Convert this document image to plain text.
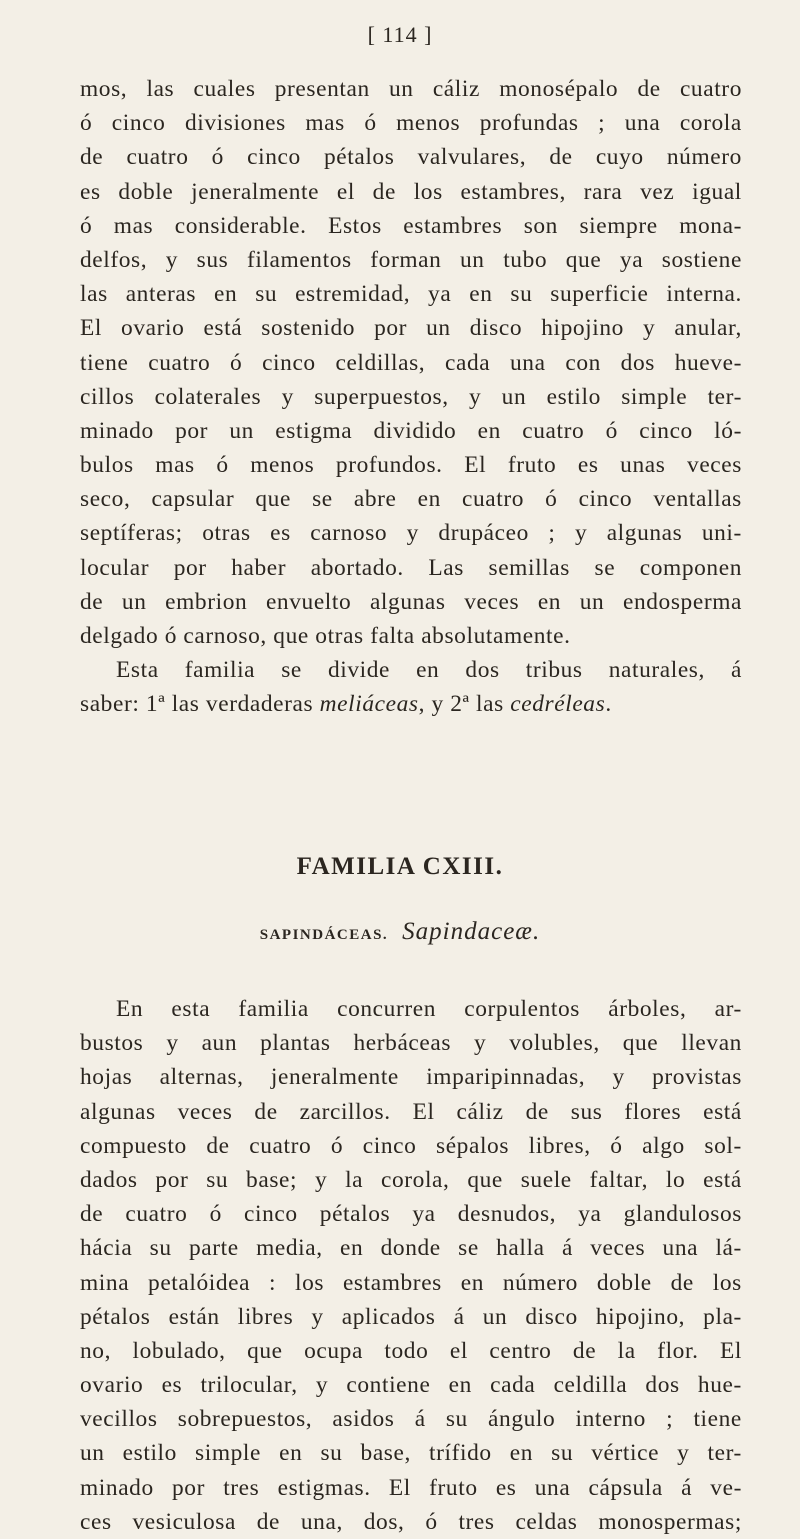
[ 114 ]
mos, las cuales presentan un cáliz monosépalo de cuatro
ó cinco divisiones mas ó menos profundas ; una corola
de cuatro ó cinco pétalos valvulares, de cuyo número
es doble jeneralmente el de los estambres, rara vez igual
ó mas considerable. Estos estambres son siempre mona-
delfos, y sus filamentos forman un tubo que ya sostiene
las anteras en su estremidad, ya en su superficie interna.
El ovario está sostenido por un disco hipojino y anular,
tiene cuatro ó cinco celdillas, cada una con dos hueve-
cillos colaterales y superpuestos, y un estilo simple ter-
minado por un estigma dividido en cuatro ó cinco ló-
bulos mas ó menos profundos. El fruto es unas veces
seco, capsular que se abre en cuatro ó cinco ventallas
septíferas; otras es carnoso y drupáceo ; y algunas uni-
locular por haber abortado. Las semillas se componen
de un embrion envuelto algunas veces en un endosperma
delgado ó carnoso, que otras falta absolutamente.
Esta familia se divide en dos tribus naturales, á
saber: 1ª las verdaderas
meliáceas , y 2ª las
cedréleas .
FAMILIA CXIII.
SAPINDÁCEAS. Sapindaceæ.
En esta familia concurren corpulentos árboles, ar-
bustos y aun plantas herbáceas y volubles, que llevan
hojas alternas, jeneralmente imparipinnadas, y provistas
algunas veces de zarcillos. El cáliz de sus flores está
compuesto de cuatro ó cinco sépalos libres, ó algo sol-
dados por su base; y la corola, que suele faltar, lo está
de cuatro ó cinco pétalos ya desnudos, ya glandulosos
hácia su parte media, en donde se halla á veces una lá-
mina petalóidea : los estambres en número doble de los
pétalos están libres y aplicados á un disco hipojino, pla-
no, lobulado, que ocupa todo el centro de la flor. El
ovario es trilocular, y contiene en cada celdilla dos hue-
vecillos sobrepuestos, asidos á su ángulo interno ; tiene
un estilo simple en su base, trífido en su vértice y ter-
minado por tres estigmas. El fruto es una cápsula á ve-
ces vesiculosa de una, dos, ó tres celdas monospermas;
